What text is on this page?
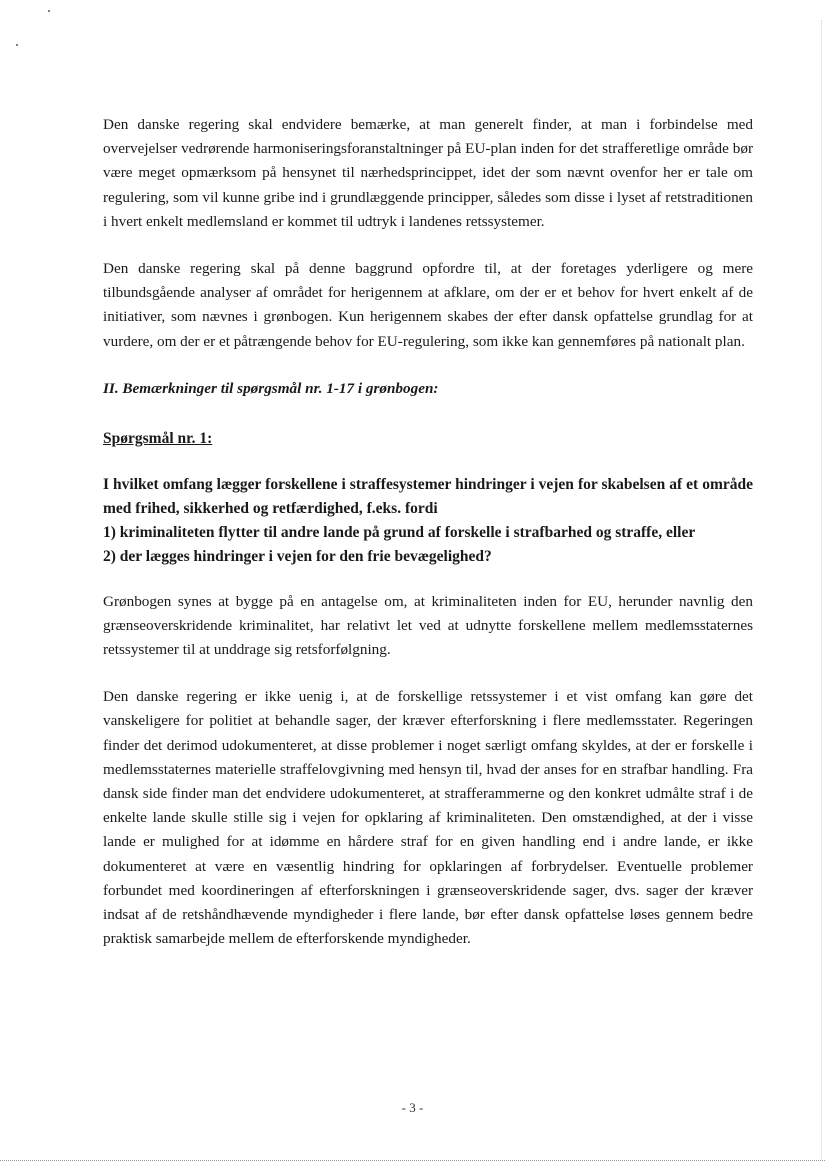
Den danske regering skal endvidere bemærke, at man generelt finder, at man i forbindelse med overvejelser vedrørende harmoniseringsforanstaltninger på EU-plan inden for det strafferetlige område bør være meget opmærksom på hensynet til nærhedsprincippet, idet der som nævnt ovenfor her er tale om regulering, som vil kunne gribe ind i grundlæggende principper, således som disse i lyset af retstraditionen i hvert enkelt medlemsland er kommet til udtryk i landenes retssystemer.

Den danske regering skal på denne baggrund opfordre til, at der foretages yderligere og mere tilbundsgående analyser af området for herigennem at afklare, om der er et behov for hvert enkelt af de initiativer, som nævnes i grønbogen. Kun herigennem skabes der efter dansk opfattelse grundlag for at vurdere, om der er et påtrængende behov for EU-regulering, som ikke kan gennemføres på nationalt plan.

II. Bemærkninger til spørgsmål nr. 1-17 i grønbogen:
Spørgsmål nr. 1:
I hvilket omfang lægger forskellene i straffesystemer hindringer i vejen for skabelsen af et område med frihed, sikkerhed og retfærdighed, f.eks. fordi
1) kriminaliteten flytter til andre lande på grund af forskelle i strafbarhed og straffe, eller
2) der lægges hindringer i vejen for den frie bevægelighed?

Grønbogen synes at bygge på en antagelse om, at kriminaliteten inden for EU, herunder navnlig den grænseoverskridende kriminalitet, har relativt let ved at udnytte forskellene mellem medlemsstaternes retssystemer til at unddrage sig retsforfølgning.

Den danske regering er ikke uenig i, at de forskellige retssystemer i et vist omfang kan gøre det vanskeligere for politiet at behandle sager, der kræver efterforskning i flere medlemsstater. Regeringen finder det derimod udokumenteret, at disse problemer i noget særligt omfang skyldes, at der er forskelle i medlemsstaternes materielle straffelovgivning med hensyn til, hvad der anses for en strafbar handling. Fra dansk side finder man det endvidere udokumenteret, at strafferammerne og den konkret udmålte straf i de enkelte lande skulle stille sig i vejen for opklaring af kriminaliteten. Den omstændighed, at der i visse lande er mulighed for at idømme en hårdere straf for en given handling end i andre lande, er ikke dokumenteret at være en væsentlig hindring for opklaringen af forbrydelser. Eventuelle problemer forbundet med koordineringen af efterforskningen i grænseoverskridende sager, dvs. sager der kræver indsat af de retshåndhævende myndigheder i flere lande, bør efter dansk opfattelse løses gennem bedre praktisk samarbejde mellem de efterforskende myndigheder.

- 3 -
